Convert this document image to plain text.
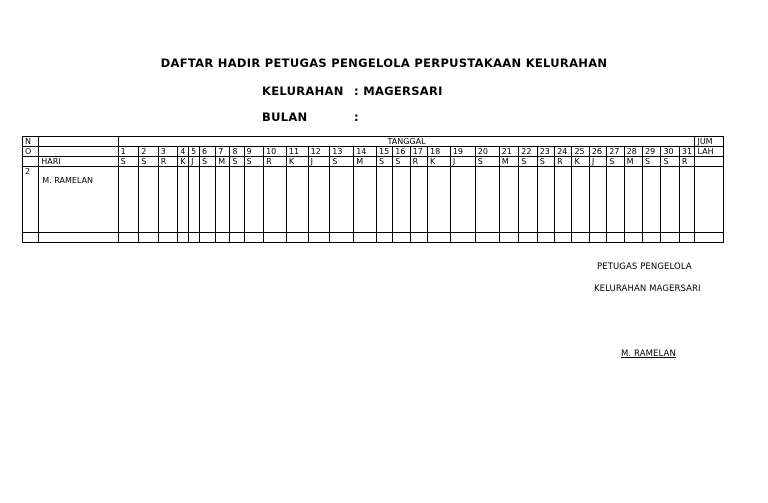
DAFTAR HADIR PETUGAS PENGELOLA PERPUSTAKAAN KELURAHAN
KELURAHAN : MAGERSARI
BULAN	:
N		TANGGAL																															JUM
O		1	2	3	4	5	6	7	8	9	10	11	12	13	14	15	16	17	18	19	20	21	22	23	24	25	26	27	28	29	30	31	LAH
	HARI	S	S	R	K	J	S	M	S	S	R	K	J	S	M	S	S	R	K	J	S	M	S	S	R	K	J	S	M	S	S	R	
2	M. RAMELAN																																

PETUGAS PENGELOLA
KELURAHAN MAGERSARI
M. RAMELAN
